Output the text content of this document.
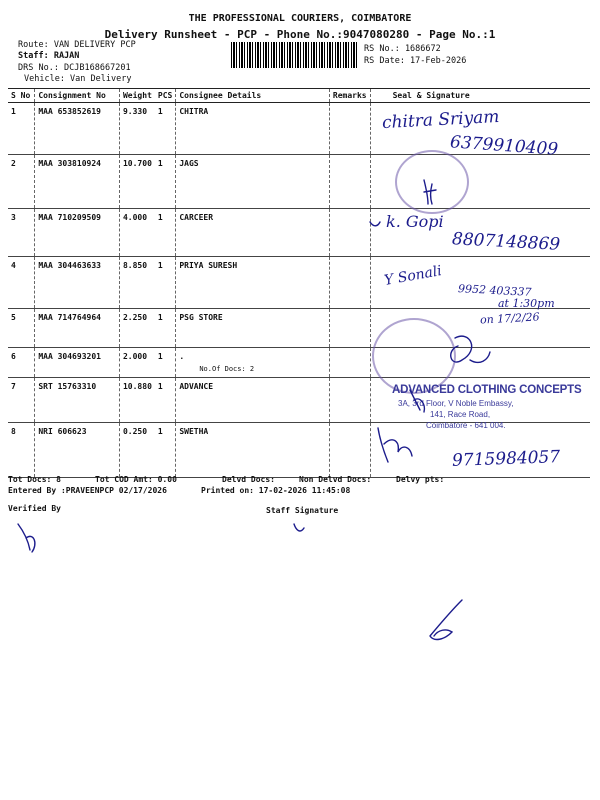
THE PROFESSIONAL COURIERS, COIMBATORE
Delivery Runsheet - PCP - Phone No.:9047080280 - Page No.:1
Route: VAN DELIVERY PCP
Staff: RAJAN
DRS No.: DCJB168667201
Vehicle: Van Delivery
RS No.: 1686672
RS Date: 17-Feb-2026
S No	Consignment No	Weight	PCS	Consignee Details	Remarks	Seal & Signature
1	MAA 653852619	9.330	1	CHITRA		
2	MAA 303810924	10.700	1	JAGS		
3	MAA 710209509	4.000	1	CARCEER		
4	MAA 304463633	8.850	1	PRIYA SURESH		
5	MAA 714764964	2.250	1	PSG STORE		
6	MAA 304693201	2.000	1	.
No.Of Docs: 2		

7	SRT 15763310	10.880	1	ADVANCE		
8	NRI 606623	0.250	1	SWETHA		
Tot Docs: 8	Tot COD Amt: 0.00	Delvd Docs:	Non Delvd Docs:	Delvy pts:
Entered By :PRAVEENPCP 02/17/2026	Printed on: 17-02-2026 11:45:08
Verified By	Staff Signature
ADVANCED CLOTHING CONCEPTS
3A, 3rd Floor, V Noble Embassy,
141, Race Road,
Coimbatore - 641 004.
chitra Sriyam
6379910409
k. Gopi
8807148869
Y Sonali
9952 403337
at 1:30pm
on 17/2/26
9715984057
